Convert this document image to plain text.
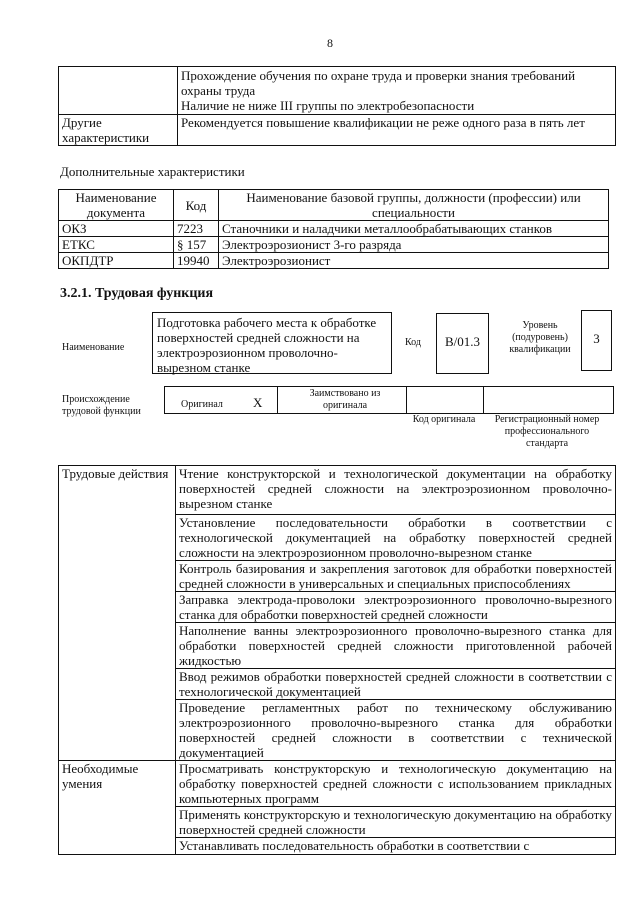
8

	Прохождение обучения по охране труда и проверки знания требований охраны труда
Наличие не ниже III группы по электробезопасности

Другие характеристики	Рекомендуется повышение квалификации не реже одного раза в пять лет
Дополнительные характеристики
Наименование документа	Код	Наименование базовой группы, должности (профессии) или специальности
ОКЗ	7223	Станочники и наладчики металлообрабатывающих станков
ЕТКС	§ 157	Электроэрозионист 3-го разряда
ОКПДТР	19940	Электроэрозионист
3.2.1. Трудовая функция
Наименование
Подготовка рабочего места к обработке поверхностей средней сложности на электроэрозионном проволочно-вырезном станке
Код	B/01.3
Уровень (подуровень) квалификации
3
Происхождение трудовой функции
Оригинал X
Заимствовано из оригинала
Код оригинала	Регистрационный номер профессионального стандарта
Трудовые действия	Чтение конструкторской и технологической документации на обработку поверхностей средней сложности на электроэрозионном проволочно-вырезном станке
	Установление последовательности обработки в соответствии с технологической документацией на обработку поверхностей средней сложности на электроэрозионном проволочно-вырезном станке
	Контроль базирования и закрепления заготовок для обработки поверхностей средней сложности в универсальных и специальных приспособлениях
	Заправка электрода-проволоки электроэрозионного проволочно-вырезного станка для обработки поверхностей средней сложности
	Наполнение ванны электроэрозионного проволочно-вырезного станка для обработки поверхностей средней сложности приготовленной рабочей жидкостью
	Ввод режимов обработки поверхностей средней сложности в соответствии с технологической документацией
	Проведение регламентных работ по техническому обслуживанию электроэрозионного проволочно-вырезного станка для обработки поверхностей средней сложности в соответствии с технической документацией
Необходимые умения	Просматривать конструкторскую и технологическую документацию на обработку поверхностей средней сложности с использованием прикладных компьютерных программ
	Применять конструкторскую и технологическую документацию на обработку поверхностей средней сложности
	Устанавливать последовательность обработки в соответствии с
